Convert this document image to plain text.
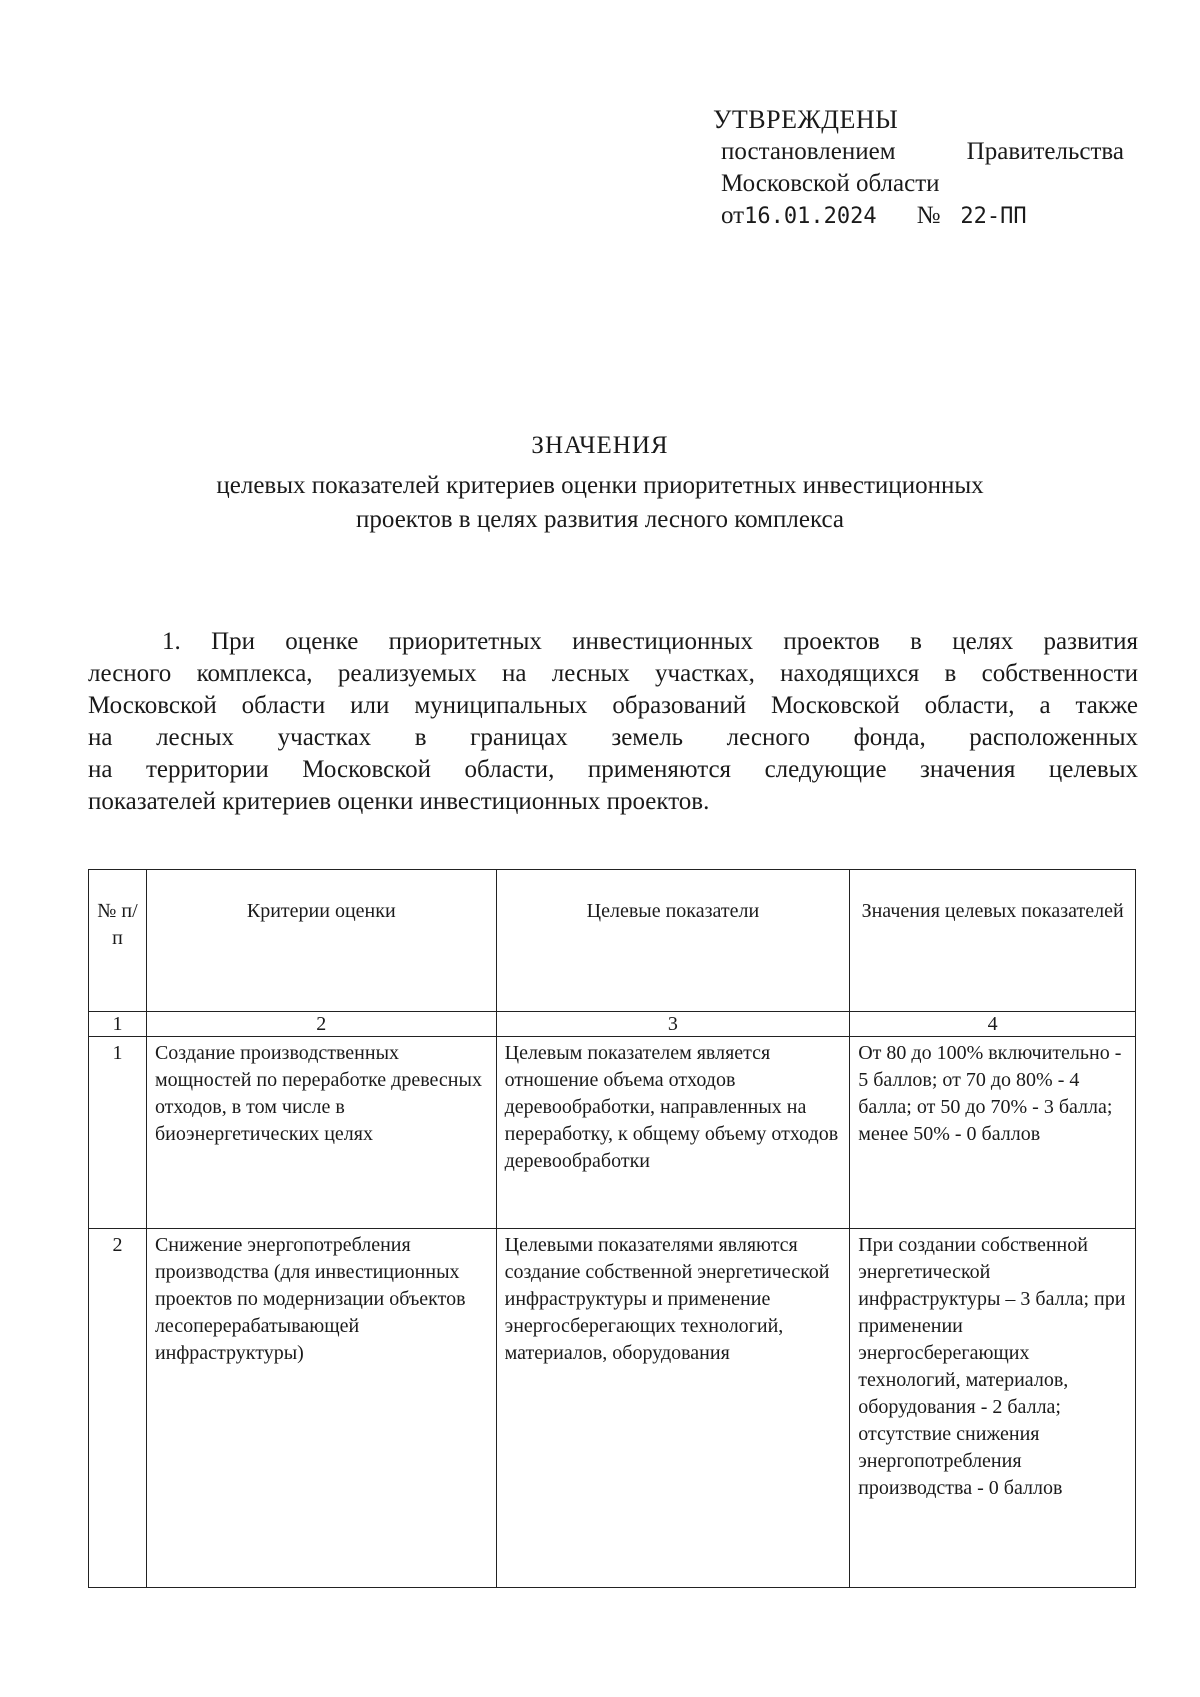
УТВРЕЖДЕНЫ
постановлением	Правительства
Московской области
от16.01.2024 № 22-ПП
ЗНАЧЕНИЯ
целевых показателей критериев оценки приоритетных инвестиционных
проектов в целях развития лесного комплекса
1. При оценке приоритетных инвестиционных проектов в целях развития
лесного комплекса, реализуемых на лесных участках, находящихся в собственности
Московской области или муниципальных образований Московской области, а также
на лесных участках в границах земель лесного фонда, расположенных
на территории Московской области, применяются следующие значения целевых
показателей критериев оценки инвестиционных проектов.
№ п/п	Критерии оценки	Целевые показатели	Значения целевых показателей
1	2	3	4
1	Создание производственных мощностей по переработке древесных отходов, в том числе в биоэнергетических целях	Целевым показателем является отношение объема отходов деревообработки, направленных на переработку, к общему объему отходов деревообработки	От 80 до 100% включительно - 5 баллов; от 70 до 80% - 4 балла; от 50 до 70% - 3 балла; менее 50% - 0 баллов
2	Снижение энергопотребления производства (для инвестиционных проектов по модернизации объектов лесоперерабатывающей инфраструктуры)	Целевыми показателями являются создание собственной энергетической инфраструктуры и применение энергосберегающих технологий, материалов, оборудования	При создании собственной энергетической инфраструктуры – 3 балла; при применении энергосберегающих технологий, материалов, оборудования - 2 балла; отсутствие снижения энергопотребления производства - 0 баллов
